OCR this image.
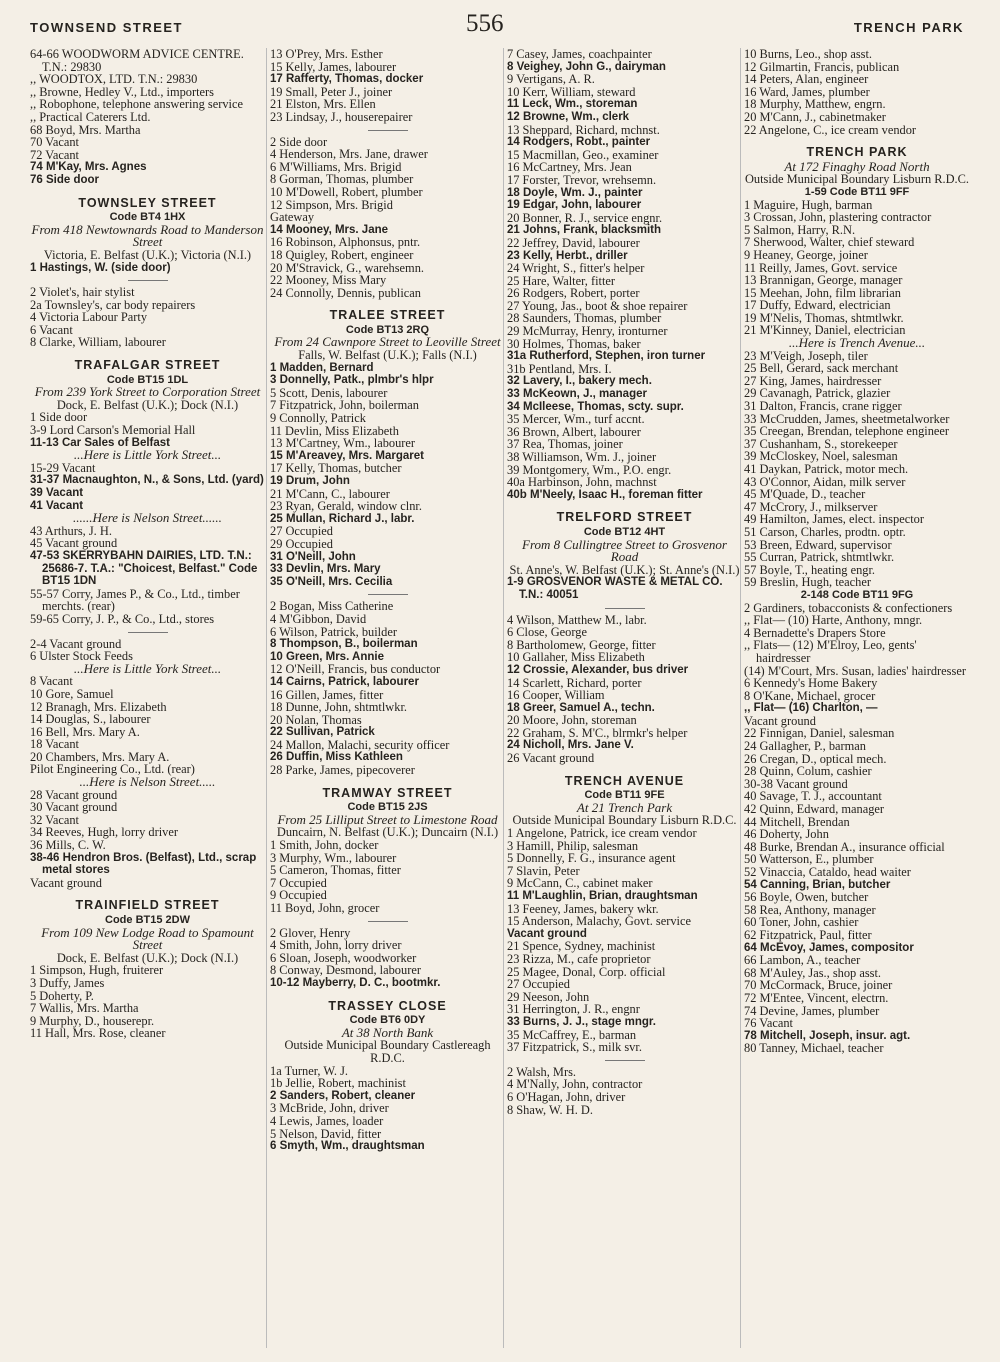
TOWNSEND STREET	556	TRENCH PARK
64-66 WOODWORM ADVICE CENTRE. T.N.: 29830
,, WOODTOX, LTD. T.N.: 29830
,, Browne, Hedley V., Ltd., importers
,, Robophone, telephone answering service
,, Practical Caterers Ltd.
68 Boyd, Mrs. Martha
70 Vacant
72 Vacant
74 M'Kay, Mrs. Agnes
76 Side door
TOWNSLEY STREET
Code BT4 1HX
From 418 Newtownards Road to Manderson Street
Victoria, E. Belfast (U.K.); Victoria (N.I.)
1 Hastings, W. (side door)
2 Violet's, hair stylist
2a Townsley's, car body repairers
4 Victoria Labour Party
6 Vacant
8 Clarke, William, labourer
TRAFALGAR STREET
Code BT15 1DL
From 239 York Street to Corporation Street
Dock, E. Belfast (U.K.); Dock (N.I.)
1 Side door
3-9 Lord Carson's Memorial Hall
11-13 Car Sales of Belfast
...Here is Little York Street...
15-29 Vacant
31-37 Macnaughton, N., & Sons, Ltd. (yard)
39 Vacant
41 Vacant
......Here is Nelson Street......
43 Arthurs, J. H.
45 Vacant ground
47-53 SKERRYBAHN DAIRIES, LTD. T.N.: 25686-7. T.A.: "Choicest, Belfast." Code BT15 1DN
55-57 Corry, James P., & Co., Ltd., timber merchts. (rear)
59-65 Corry, J. P., & Co., Ltd., stores
2-4 Vacant ground
6 Ulster Stock Feeds
...Here is Little York Street...
8 Vacant
10 Gore, Samuel
12 Branagh, Mrs. Elizabeth
14 Douglas, S., labourer
16 Bell, Mrs. Mary A.
18 Vacant
20 Chambers, Mrs. Mary A.
Pilot Engineering Co., Ltd. (rear)
...Here is Nelson Street.....
28 Vacant ground
30 Vacant ground
32 Vacant
34 Reeves, Hugh, lorry driver
36 Mills, C. W.
38-46 Hendron Bros. (Belfast), Ltd., scrap metal stores
Vacant ground
TRAINFIELD STREET
Code BT15 2DW
From 109 New Lodge Road to Spamount Street
Dock, E. Belfast (U.K.); Dock (N.I.)
1 Simpson, Hugh, fruiterer
3 Duffy, James
5 Doherty, P.
7 Wallis, Mrs. Martha
9 Murphy, D., houserepr.
11 Hall, Mrs. Rose, cleaner
13 O'Prey, Mrs. Esther
15 Kelly, James, labourer
17 Rafferty, Thomas, docker
19 Small, Peter J., joiner
21 Elston, Mrs. Ellen
23 Lindsay, J., houserepairer
2 Side door
4 Henderson, Mrs. Jane, drawer
6 M'Williams, Mrs. Brigid
8 Gorman, Thomas, plumber
10 M'Dowell, Robert, plumber
12 Simpson, Mrs. Brigid
Gateway
14 Mooney, Mrs. Jane
16 Robinson, Alphonsus, pntr.
18 Quigley, Robert, engineer
20 M'Stravick, G., warehsemn.
22 Mooney, Miss Mary
24 Connolly, Dennis, publican
TRALEE STREET
Code BT13 2RQ
From 24 Cawnpore Street to Leoville Street
Falls, W. Belfast (U.K.); Falls (N.I.)
1 Madden, Bernard
3 Donnelly, Patk., plmbr's hlpr
5 Scott, Denis, labourer
7 Fitzpatrick, John, boilerman
9 Connolly, Patrick
11 Devlin, Miss Elizabeth
13 M'Cartney, Wm., labourer
15 M'Areavey, Mrs. Margaret
17 Kelly, Thomas, butcher
19 Drum, John
21 M'Cann, C., labourer
23 Ryan, Gerald, window clnr.
25 Mullan, Richard J., labr.
27 Occupied
29 Occupied
31 O'Neill, John
33 Devlin, Mrs. Mary
35 O'Neill, Mrs. Cecilia
2 Bogan, Miss Catherine
4 M'Gibbon, David
6 Wilson, Patrick, builder
8 Thompson, B., boilerman
10 Green, Mrs. Annie
12 O'Neill, Francis, bus conductor
14 Cairns, Patrick, labourer
16 Gillen, James, fitter
18 Dunne, John, shtmtlwkr.
20 Nolan, Thomas
22 Sullivan, Patrick
24 Mallon, Malachi, security officer
26 Duffin, Miss Kathleen
28 Parke, James, pipecoverer
TRAMWAY STREET
Code BT15 2JS
From 25 Lilliput Street to Limestone Road
Duncairn, N. Belfast (U.K.); Duncairn (N.I.)
1 Smith, John, docker
3 Murphy, Wm., labourer
5 Cameron, Thomas, fitter
7 Occupied
9 Occupied
11 Boyd, John, grocer
2 Glover, Henry
4 Smith, John, lorry driver
6 Sloan, Joseph, woodworker
8 Conway, Desmond, labourer
10-12 Mayberry, D. C., bootmkr.
TRASSEY CLOSE
Code BT6 0DY
At 38 North Bank
Outside Municipal Boundary Castlereagh R.D.C.
1a Turner, W. J.
1b Jellie, Robert, machinist
2 Sanders, Robert, cleaner
3 McBride, John, driver
4 Lewis, James, loader
5 Nelson, David, fitter
6 Smyth, Wm., draughtsman
7 Casey, James, coachpainter
8 Veighey, John G., dairyman
9 Vertigans, A. R.
10 Kerr, William, steward
11 Leck, Wm., storeman
12 Browne, Wm., clerk
13 Sheppard, Richard, mchnst.
14 Rodgers, Robt., painter
15 Macmillan, Geo., examiner
16 McCartney, Mrs. Jean
17 Forster, Trevor, wrehsemn.
18 Doyle, Wm. J., painter
19 Edgar, John, labourer
20 Bonner, R. J., service engnr.
21 Johns, Frank, blacksmith
22 Jeffrey, David, labourer
23 Kelly, Herbt., driller
24 Wright, S., fitter's helper
25 Hare, Walter, fitter
26 Rodgers, Robert, porter
27 Young, Jas., boot & shoe repairer
28 Saunders, Thomas, plumber
29 McMurray, Henry, ironturner
30 Holmes, Thomas, baker
31a Rutherford, Stephen, iron turner
31b Pentland, Mrs. I.
32 Lavery, I., bakery mech.
33 McKeown, J., manager
34 McIleese, Thomas, scty. supr.
35 Mercer, Wm., turf accnt.
36 Brown, Albert, labourer
37 Rea, Thomas, joiner
38 Williamson, Wm. J., joiner
39 Montgomery, Wm., P.O. engr.
40a Harbinson, John, machnst
40b M'Neely, Isaac H., foreman fitter
TRELFORD STREET
Code BT12 4HT
From 8 Cullingtree Street to Grosvenor Road
St. Anne's, W. Belfast (U.K.); St. Anne's (N.I.)
1-9 GROSVENOR WASTE & METAL CO. T.N.: 40051
4 Wilson, Matthew M., labr.
6 Close, George
8 Bartholomew, George, fitter
10 Gallaher, Miss Elizabeth
12 Crossie, Alexander, bus driver
14 Scarlett, Richard, porter
16 Cooper, William
18 Greer, Samuel A., techn.
20 Moore, John, storeman
22 Graham, S. M'C., blrmkr's helper
24 Nicholl, Mrs. Jane V.
26 Vacant ground
TRENCH AVENUE
Code BT11 9FE
At 21 Trench Park
Outside Municipal Boundary Lisburn R.D.C.
1 Angelone, Patrick, ice cream vendor
3 Hamill, Philip, salesman
5 Donnelly, F. G., insurance agent
7 Slavin, Peter
9 McCann, C., cabinet maker
11 M'Laughlin, Brian, draughtsman
13 Feeney, James, bakery wkr.
15 Anderson, Malachy, Govt. service
Vacant ground
21 Spence, Sydney, machinist
23 Rizza, M., cafe proprietor
25 Magee, Donal, Corp. official
27 Occupied
29 Neeson, John
31 Herrington, J. R., engnr
33 Burns, J. J., stage mngr.
35 McCaffrey, E., barman
37 Fitzpatrick, S., milk svr.
2 Walsh, Mrs.
4 M'Nally, John, contractor
6 O'Hagan, John, driver
8 Shaw, W. H. D.
10 Burns, Leo., shop asst.
12 Gilmartin, Francis, publican
14 Peters, Alan, engineer
16 Ward, James, plumber
18 Murphy, Matthew, engrn.
20 M'Cann, J., cabinetmaker
22 Angelone, C., ice cream vendor
TRENCH PARK
At 172 Finaghy Road North
Outside Municipal Boundary Lisburn R.D.C.
1-59 Code BT11 9FF
1 Maguire, Hugh, barman
3 Crossan, John, plastering contractor
5 Salmon, Harry, R.N.
7 Sherwood, Walter, chief steward
9 Heaney, George, joiner
11 Reilly, James, Govt. service
13 Brannigan, George, manager
15 Meehan, John, film librarian
17 Duffy, Edward, electrician
19 M'Nelis, Thomas, shtmtlwkr.
21 M'Kinney, Daniel, electrician
...Here is Trench Avenue...
23 M'Veigh, Joseph, tiler
25 Bell, Gerard, sack merchant
27 King, James, hairdresser
29 Cavanagh, Patrick, glazier
31 Dalton, Francis, crane rigger
33 McCrudden, James, sheetmetalworker
35 Creegan, Brendan, telephone engineer
37 Cushanham, S., storekeeper
39 McCloskey, Noel, salesman
41 Daykan, Patrick, motor mech.
43 O'Connor, Aidan, milk server
45 M'Quade, D., teacher
47 McCrory, J., milkserver
49 Hamilton, James, elect. inspector
51 Carson, Charles, prodtn. optr.
53 Breen, Edward, supervisor
55 Curran, Patrick, shtmtlwkr.
57 Boyle, T., heating engr.
59 Breslin, Hugh, teacher
2-148 Code BT11 9FG
2 Gardiners, tobacconists & confectioners
,, Flat— (10) Harte, Anthony, mngr.
4 Bernadette's Drapers Store
,, Flats— (12) M'Elroy, Leo, gents' hairdresser
(14) M'Court, Mrs. Susan, ladies' hairdresser
6 Kennedy's Home Bakery
8 O'Kane, Michael, grocer
,, Flat— (16) Charlton, —
Vacant ground
22 Finnigan, Daniel, salesman
24 Gallagher, P., barman
26 Cregan, D., optical mech.
28 Quinn, Colum, cashier
30-38 Vacant ground
40 Savage, T. J., accountant
42 Quinn, Edward, manager
44 Mitchell, Brendan
46 Doherty, John
48 Burke, Brendan A., insurance official
50 Watterson, E., plumber
52 Vinaccia, Cataldo, head waiter
54 Canning, Brian, butcher
56 Boyle, Owen, butcher
58 Rea, Anthony, manager
60 Toner, John, cashier
62 Fitzpatrick, Paul, fitter
64 McEvoy, James, compositor
66 Lambon, A., teacher
68 M'Auley, Jas., shop asst.
70 McCormack, Bruce, joiner
72 M'Entee, Vincent, electrn.
74 Devine, James, plumber
76 Vacant
78 Mitchell, Joseph, insur. agt.
80 Tanney, Michael, teacher
